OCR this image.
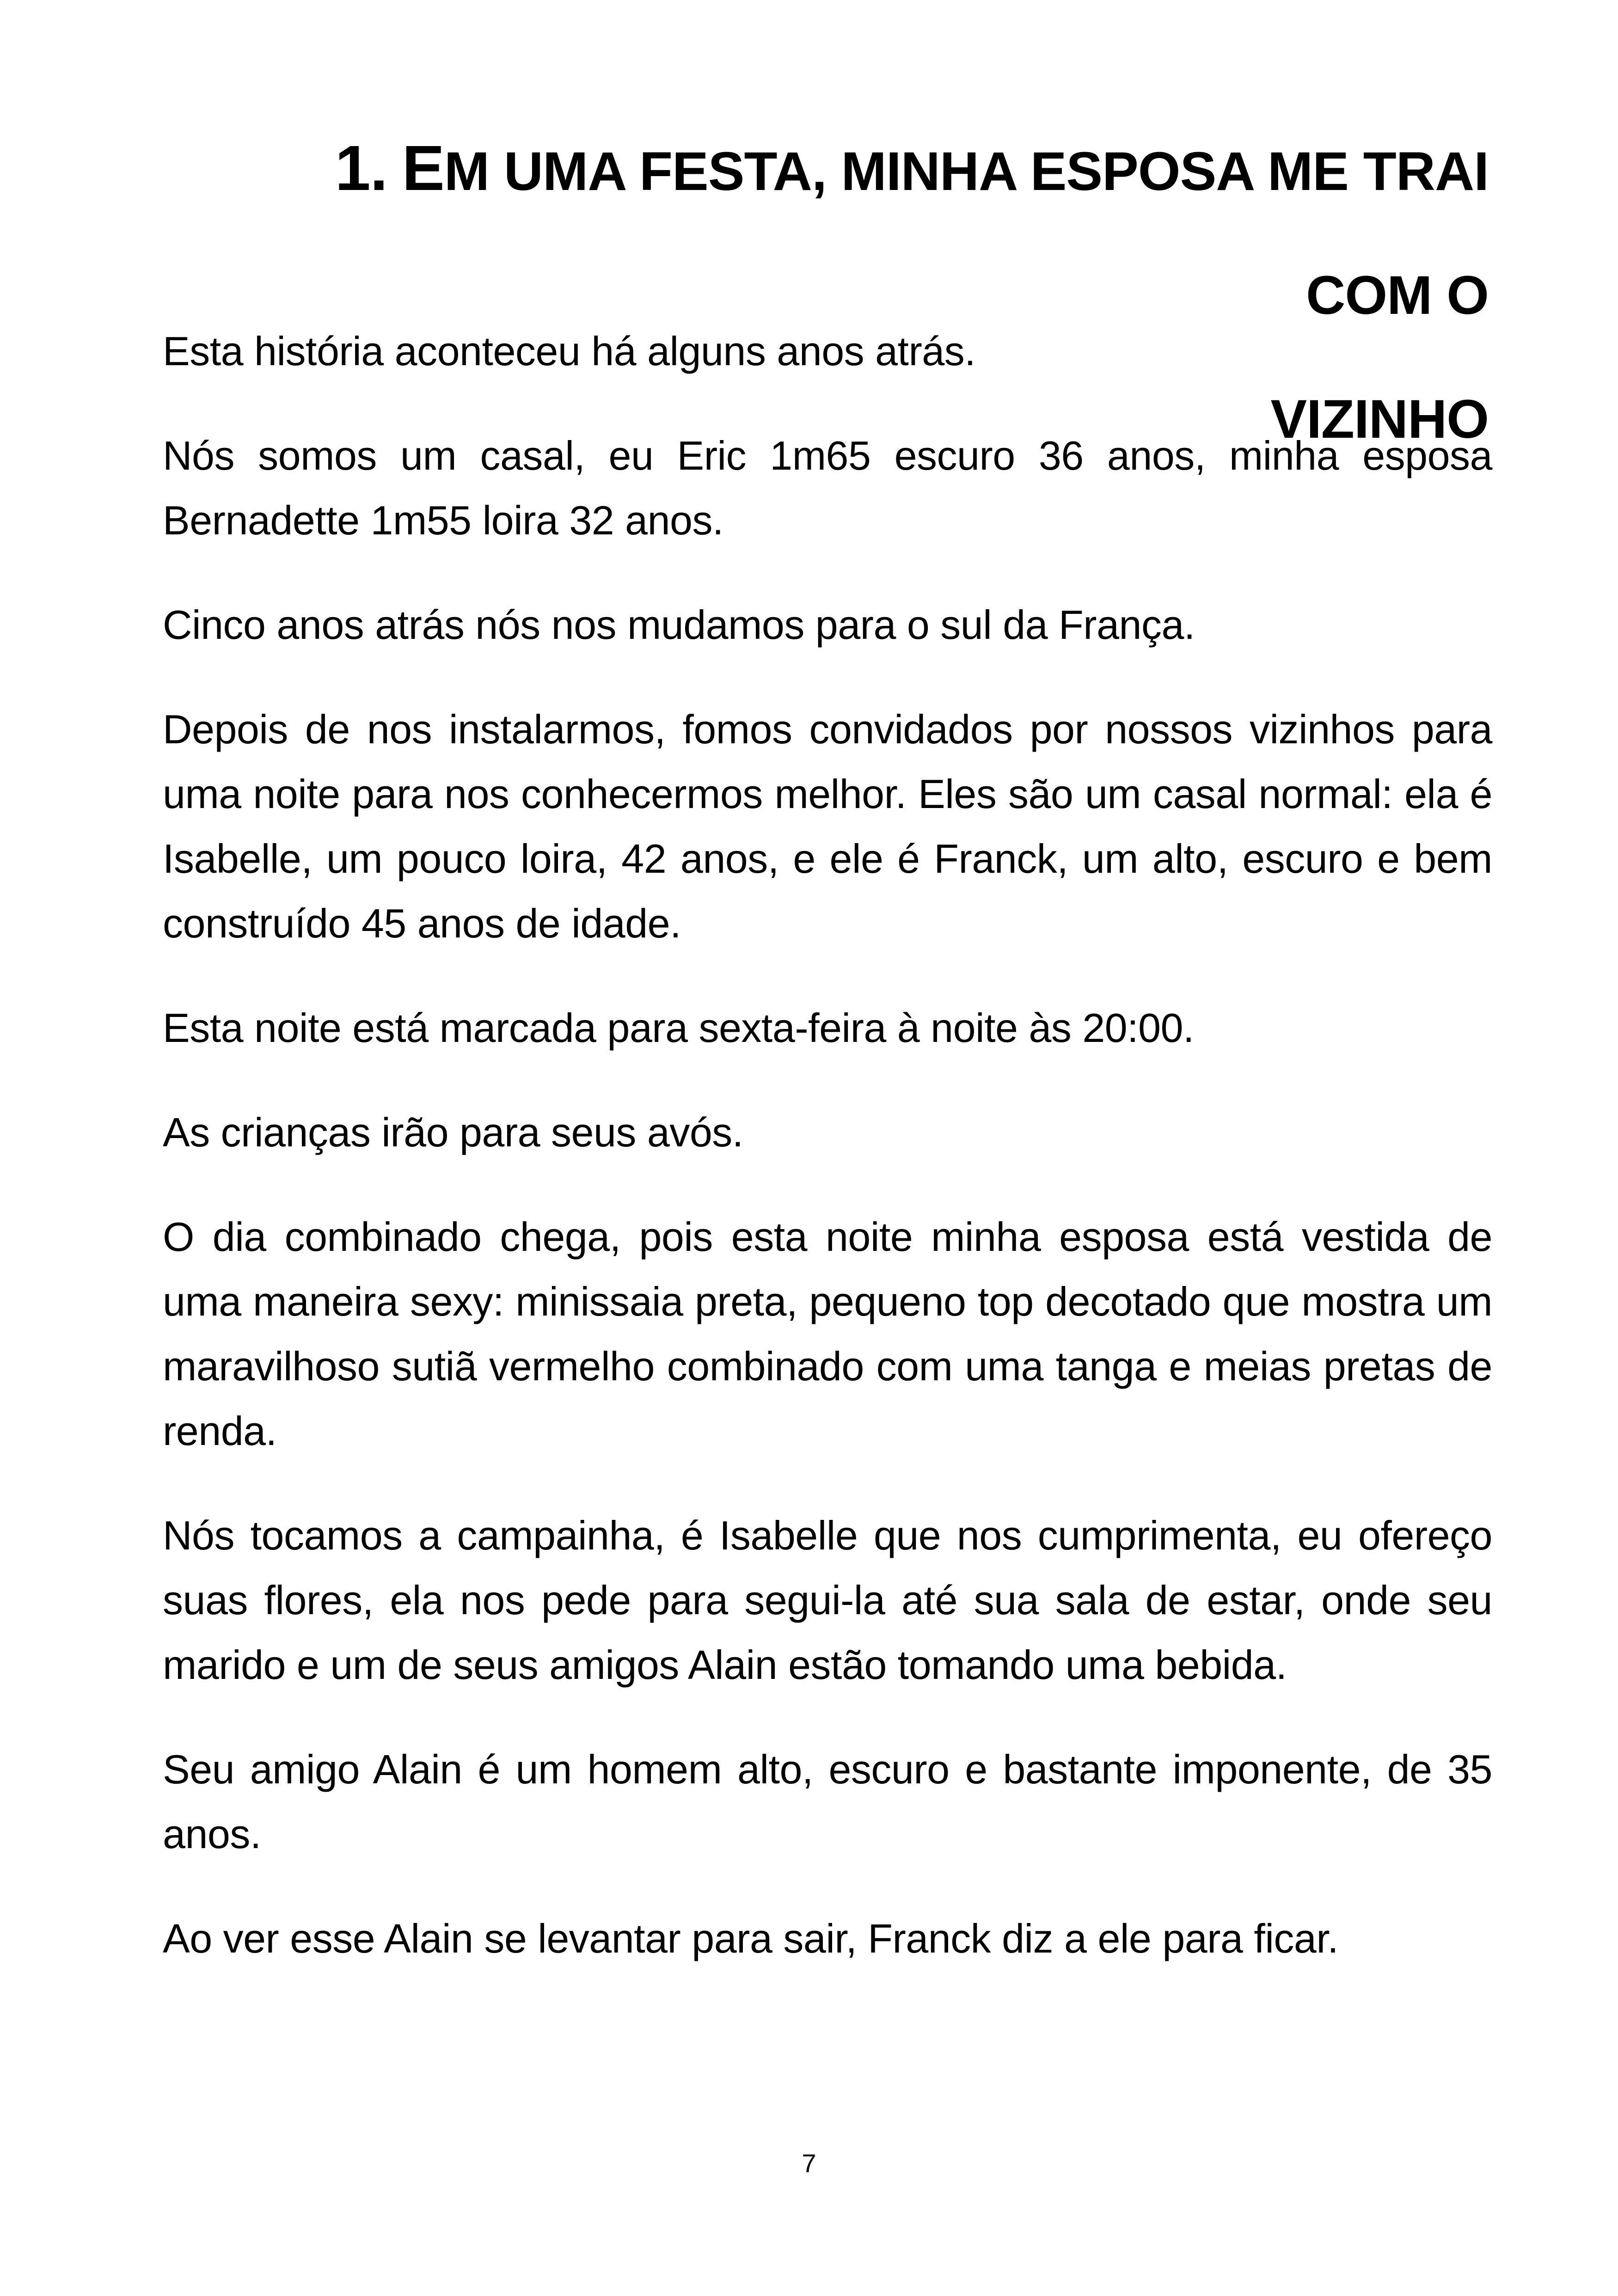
1. EM UMA FESTA, MINHA ESPOSA ME TRAI COM O
VIZINHO

Esta história aconteceu há alguns anos atrás.

Nós somos um casal, eu Eric 1m65 escuro 36 anos, minha esposa Bernadette 1m55 loira 32 anos.

Cinco anos atrás nós nos mudamos para o sul da França.

Depois de nos instalarmos, fomos convidados por nossos vizinhos para uma noite para nos conhecermos melhor. Eles são um casal normal: ela é Isabelle, um pouco loira, 42 anos, e ele é Franck, um alto, escuro e bem construído 45 anos de idade.

Esta noite está marcada para sexta-feira à noite às 20:00.

As crianças irão para seus avós.

O dia combinado chega, pois esta noite minha esposa está vestida de uma maneira sexy: minissaia preta, pequeno top decotado que mostra um maravilhoso sutiã vermelho combinado com uma tanga e meias pretas de renda.

Nós tocamos a campainha, é Isabelle que nos cumprimenta, eu ofereço suas flores, ela nos pede para segui-la até sua sala de estar, onde seu marido e um de seus amigos Alain estão tomando uma bebida.

Seu amigo Alain é um homem alto, escuro e bastante imponente, de 35 anos.

Ao ver esse Alain se levantar para sair, Franck diz a ele para ficar.

7
